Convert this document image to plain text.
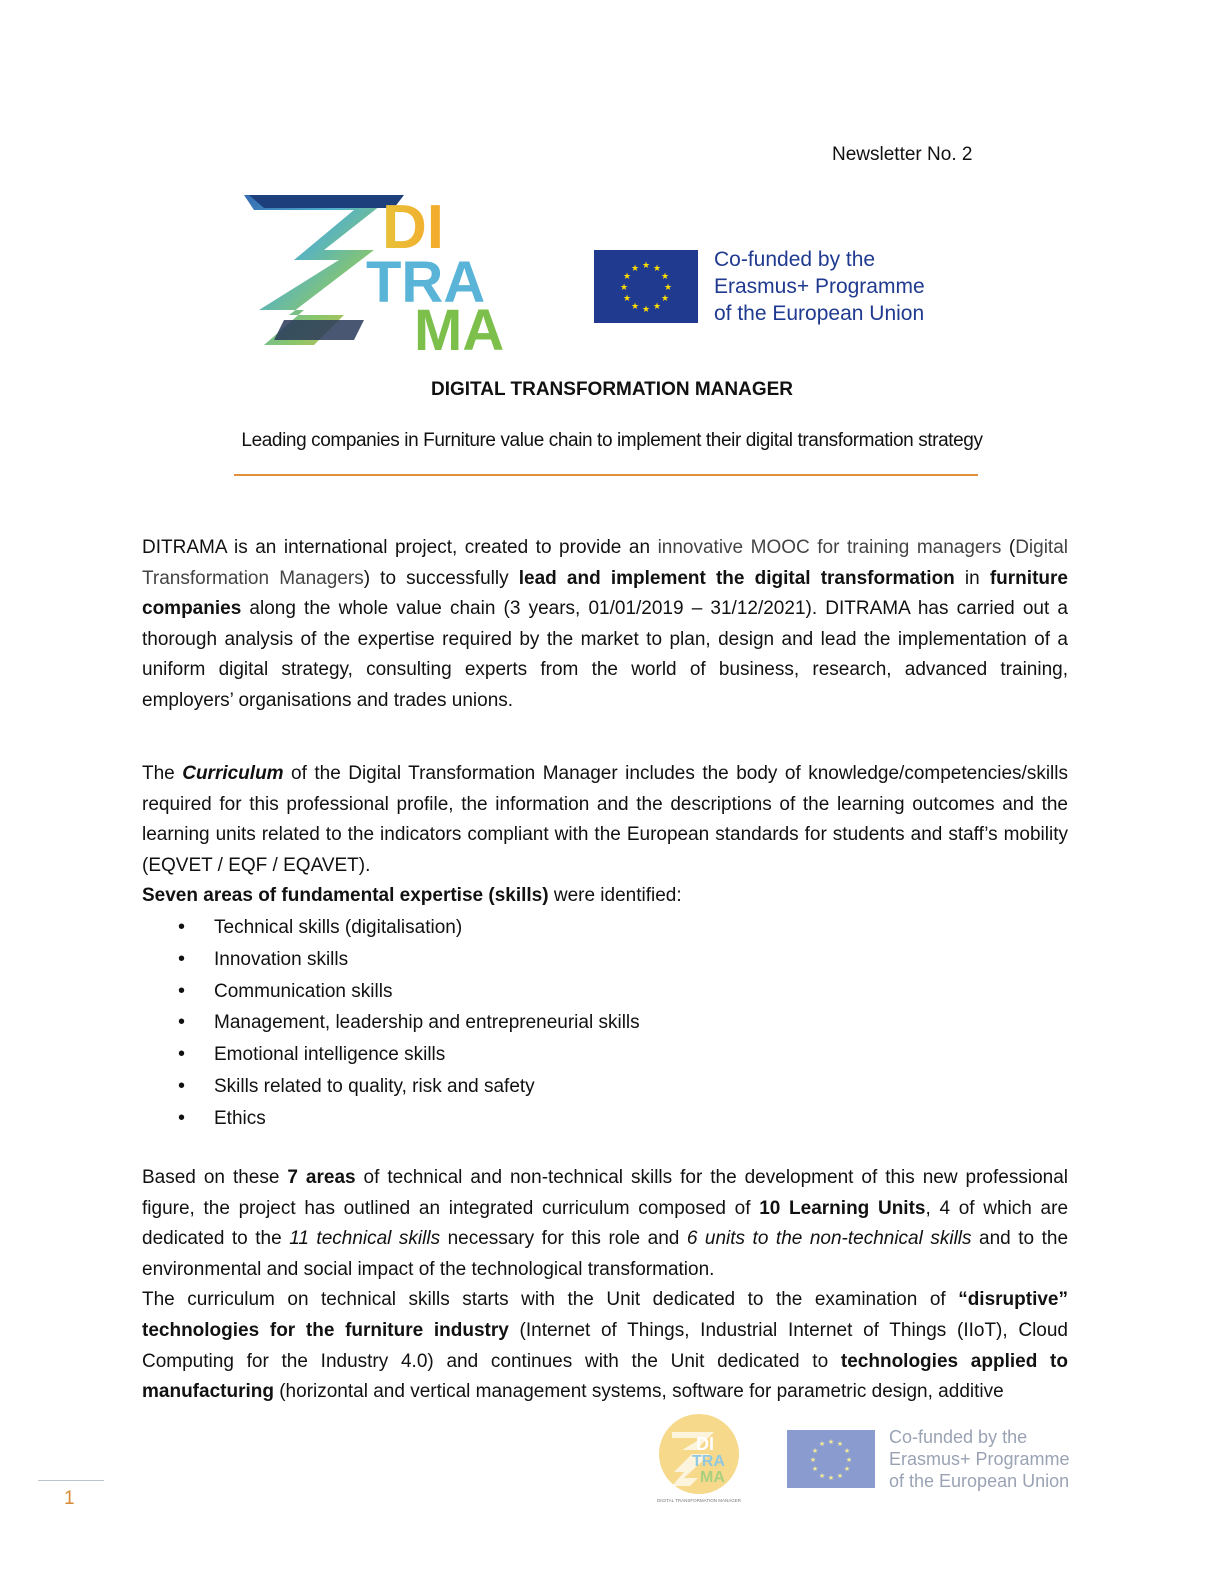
Newsletter No. 2
DI
TRA
MA
★ ★
★
★
★
★
★
★
★
★
★
★	Co-funded by the
Erasmus+ Programme
of the European Union
DIGITAL TRANSFORMATION MANAGER
Leading companies in Furniture value chain to implement their digital transformation strategy

DITRAMA is an international project, created to provide an innovative MOOC for training managers (Digital Transformation Managers) to successfully lead and implement the digital transformation in furniture companies along the whole value chain (3 years, 01/01/2019 – 31/12/2021). DITRAMA has carried out a thorough analysis of the expertise required by the market to plan, design and lead the implementation of a uniform digital strategy, consulting experts from the world of business, research, advanced training, employers’ organisations and trades unions.

The Curriculum of the Digital Transformation Manager includes the body of knowledge/competencies/skills required for this professional profile, the information and the descriptions of the learning outcomes and the learning units related to the indicators compliant with the European standards for students and staff’s mobility (EQVET / EQF / EQAVET).

Seven areas of fundamental expertise (skills) were identified:

• Technical skills (digitalisation)
• Innovation skills
• Communication skills
• Management, leadership and entrepreneurial skills
• Emotional intelligence skills
• Skills related to quality, risk and safety
• Ethics

Based on these 7 areas of technical and non-technical skills for the development of this new professional figure, the project has outlined an integrated curriculum composed of 10 Learning Units, 4 of which are dedicated to the 11 technical skills necessary for this role and 6 units to the non-technical skills and to the environmental and social impact of the technological transformation.

The curriculum on technical skills starts with the Unit dedicated to the examination of “disruptive” technologies for the furniture industry (Internet of Things, Industrial Internet of Things (IIoT), Cloud Computing for the Industry 4.0) and continues with the Unit dedicated to technologies applied to manufacturing (horizontal and vertical management systems, software for parametric design, additive

DI
TRA
MA
DIGITAL TRANSFORMATION MANAGER
★ ★
★
★
★
★
★
★
★
★
★
★	Co-funded by the
Erasmus+ Programme
of the European Union
1
